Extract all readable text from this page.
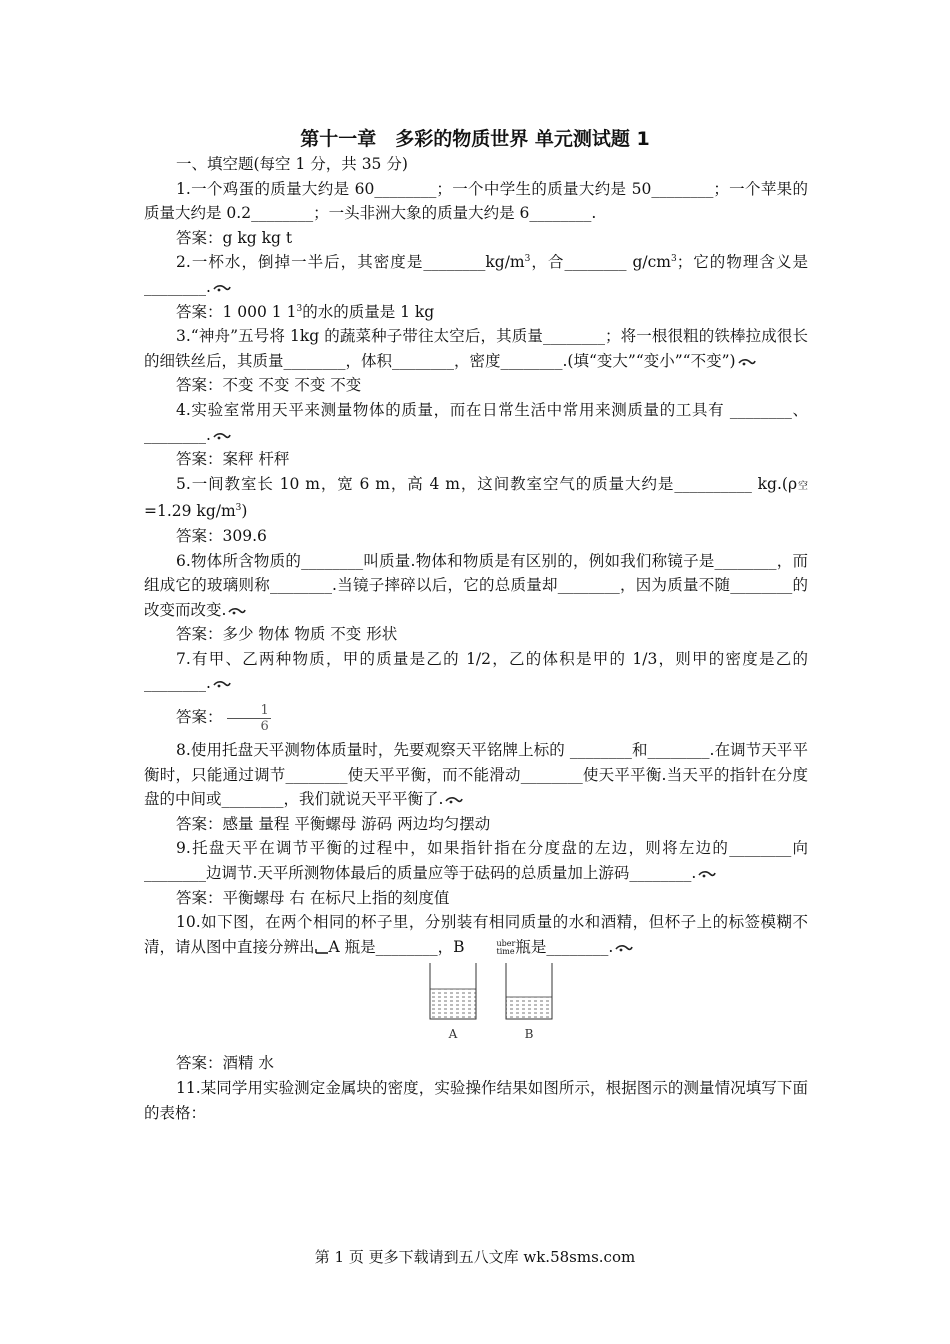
第十一章　多彩的物质世界 单元测试题 1

一、填空题(每空 1 分，共 35 分)

1.一个鸡蛋的质量大约是 60________；一个中学生的质量大约是 50________；一个苹果的质量大约是 0.2________；一头非洲大象的质量大约是 6________.

答案：g kg kg t

2.一杯水，倒掉一半后，其密度是$\_\_\_\_\_\_\_\_kg/m^3$，合________ $g/cm^3$；它的物理含义是________.

答案：1 000 1 $1^3$的水的质量是 1 kg

3.“神舟”五号将 1kg 的蔬菜种子带往太空后，其质量________；将一根很粗的铁棒拉成很长的细铁丝后，其质量________，体积________，密度________.(填“变大”“变小”“不变”)

答案：不变 不变 不变 不变

4.实验室常用天平来测量物体的质量，而在日常生活中常用来测质量的工具有 ________、________.

答案：案秤 杆秤

5.一间教室长 10 m，宽 6 m，高 4 m，这间教室空气的质量大约是__________ kg.(ρ空=1.29 $kg/m^3$)

答案：309.6

6.物体所含物质的________叫质量.物体和物质是有区别的，例如我们称镜子是________，而组成它的玻璃则称________.当镜子摔碎以后，它的总质量却________，因为质量不随________的改变而改变.

答案：多少 物体 物质 不变 形状

7.有甲、乙两种物质，甲的质量是乙的 1/2，乙的体积是甲的 1/3，则甲的密度是乙的________.

答案： $\frac{1}{6}$

8.使用托盘天平测物体质量时，先要观察天平铭牌上标的 ________和________.在调节天平平衡时，只能通过调节________使天平平衡，而不能滑动________使天平平衡.当天平的指针在分度盘的中间或________，我们就说天平平衡了.

答案：感量 量程 平衡螺母 游码 两边均匀摆动

9.托盘天平在调节平衡的过程中，如果指针指在分度盘的左边，则将左边的________向________边调节.天平所测物体最后的质量应等于砝码的总质量加上游码________.

答案：平衡螺母 右 在标尺上指的刻度值

10.如下图，在两个相同的杯子里，分别装有相同质量的水和酒精，但杯子上的标签模糊不清，请从图中直接分辨出 A 瓶是________，B	uber
time 瓶是________.

A	B

答案：酒精 水

11.某同学用实验测定金属块的密度，实验操作结果如图所示，根据图示的测量情况填写下面的表格：

第 1 页 更多下载请到五八文库 wk.58sms.com
